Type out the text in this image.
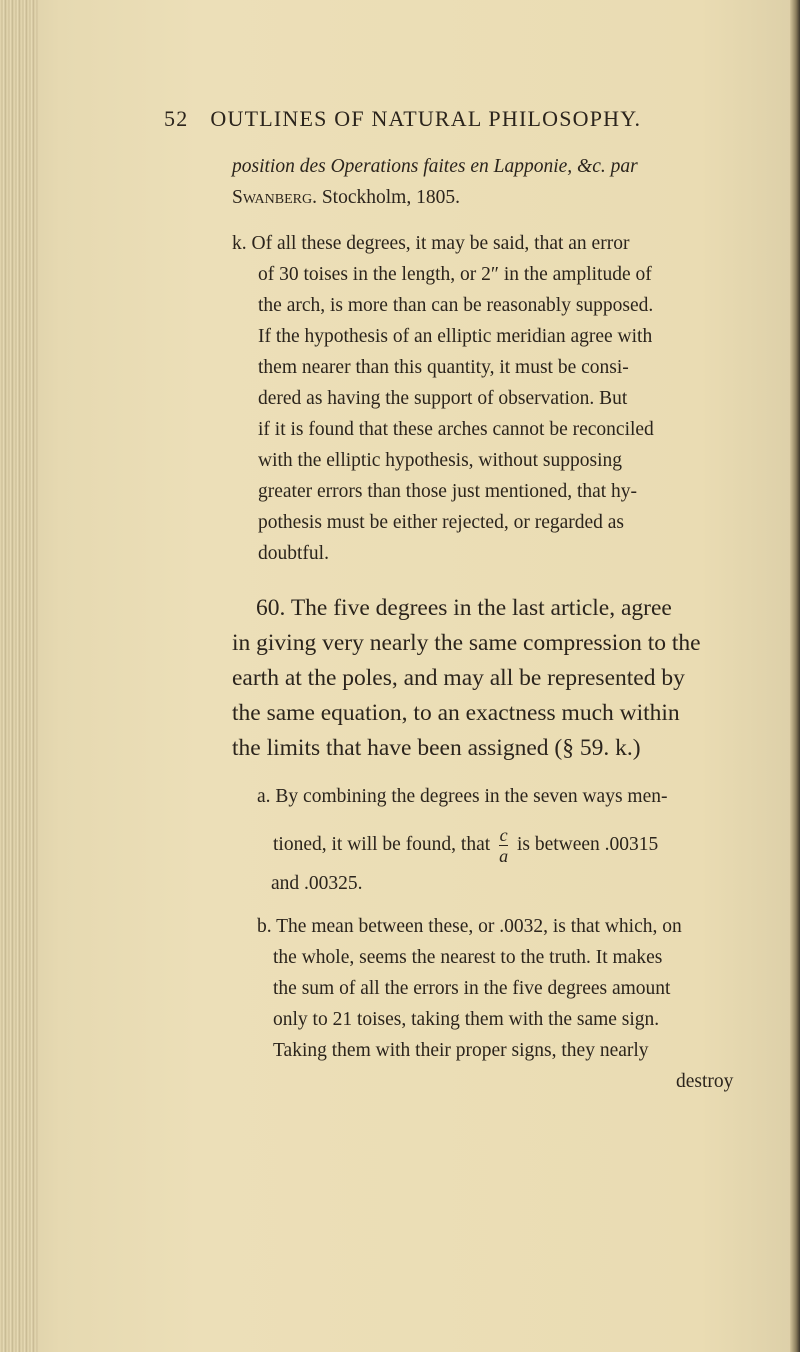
52 OUTLINES OF NATURAL PHILOSOPHY.

position des Operations faites en Lapponie, &c. par

Swanberg. Stockholm, 1805.

k. Of all these degrees, it may be said, that an error

of 30 toises in the length, or 2″ in the amplitude of

the arch, is more than can be reasonably supposed.

If the hypothesis of an elliptic meridian agree with

them nearer than this quantity, it must be consi-

dered as having the support of observation. But

if it is found that these arches cannot be reconciled

with the elliptic hypothesis, without supposing

greater errors than those just mentioned, that hy-

pothesis must be either rejected, or regarded as

doubtful.

60. The five degrees in the last article, agree

in giving very nearly the same compression to the

earth at the poles, and may all be represented by

the same equation, to an exactness much within

the limits that have been assigned (§ 59. k.)

a. By combining the degrees in the seven ways men-

tioned, it will be found, that $\frac{c}{a}$ is between .00315

and .00325.

b. The mean between these, or .0032, is that which, on

the whole, seems the nearest to the truth. It makes

the sum of all the errors in the five degrees amount

only to 21 toises, taking them with the same sign.

Taking them with their proper signs, they nearly

destroy
